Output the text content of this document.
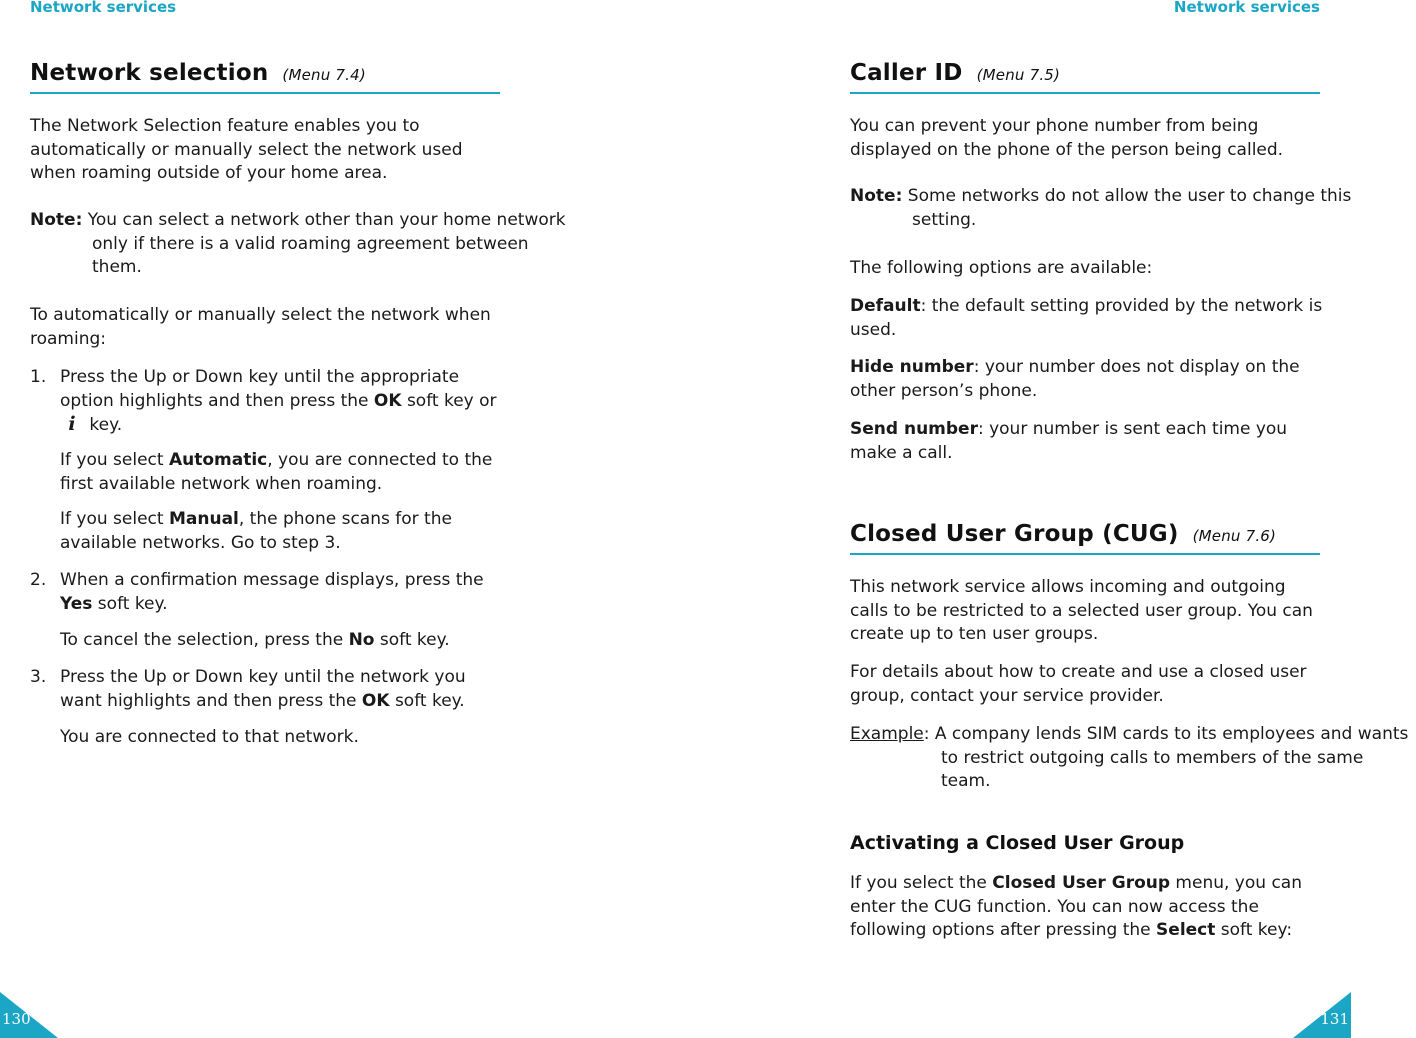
Network services
Network selection (Menu 7.4)

The Network Selection feature enables you to automatically or manually select the network used when roaming outside of your home area.

Note: You can select a network other than your home network only if there is a valid roaming agreement between them.

To automatically or manually select the network when roaming:

1. Press the Up or Down key until the appropriate option highlights and then press the OK soft key or i key.

If you select Automatic, you are connected to the first available network when roaming.

If you select Manual, the phone scans for the available networks. Go to step 3.

2. When a confirmation message displays, press the Yes soft key.

To cancel the selection, press the No soft key.

3. Press the Up or Down key until the network you want highlights and then press the OK soft key.

You are connected to that network.

Network services
Caller ID (Menu 7.5)

You can prevent your phone number from being displayed on the phone of the person being called.

Note: Some networks do not allow the user to change this setting.

The following options are available:

Default: the default setting provided by the network is used.

Hide number: your number does not display on the other person’s phone.

Send number: your number is sent each time you make a call.

Closed User Group (CUG) (Menu 7.6)

This network service allows incoming and outgoing calls to be restricted to a selected user group. You can create up to ten user groups.

For details about how to create and use a closed user group, contact your service provider.

Example: A company lends SIM cards to its employees and wants to restrict outgoing calls to members of the same team.

Activating a Closed User Group

If you select the Closed User Group menu, you can enter the CUG function. You can now access the following options after pressing the Select soft key:

130	131
